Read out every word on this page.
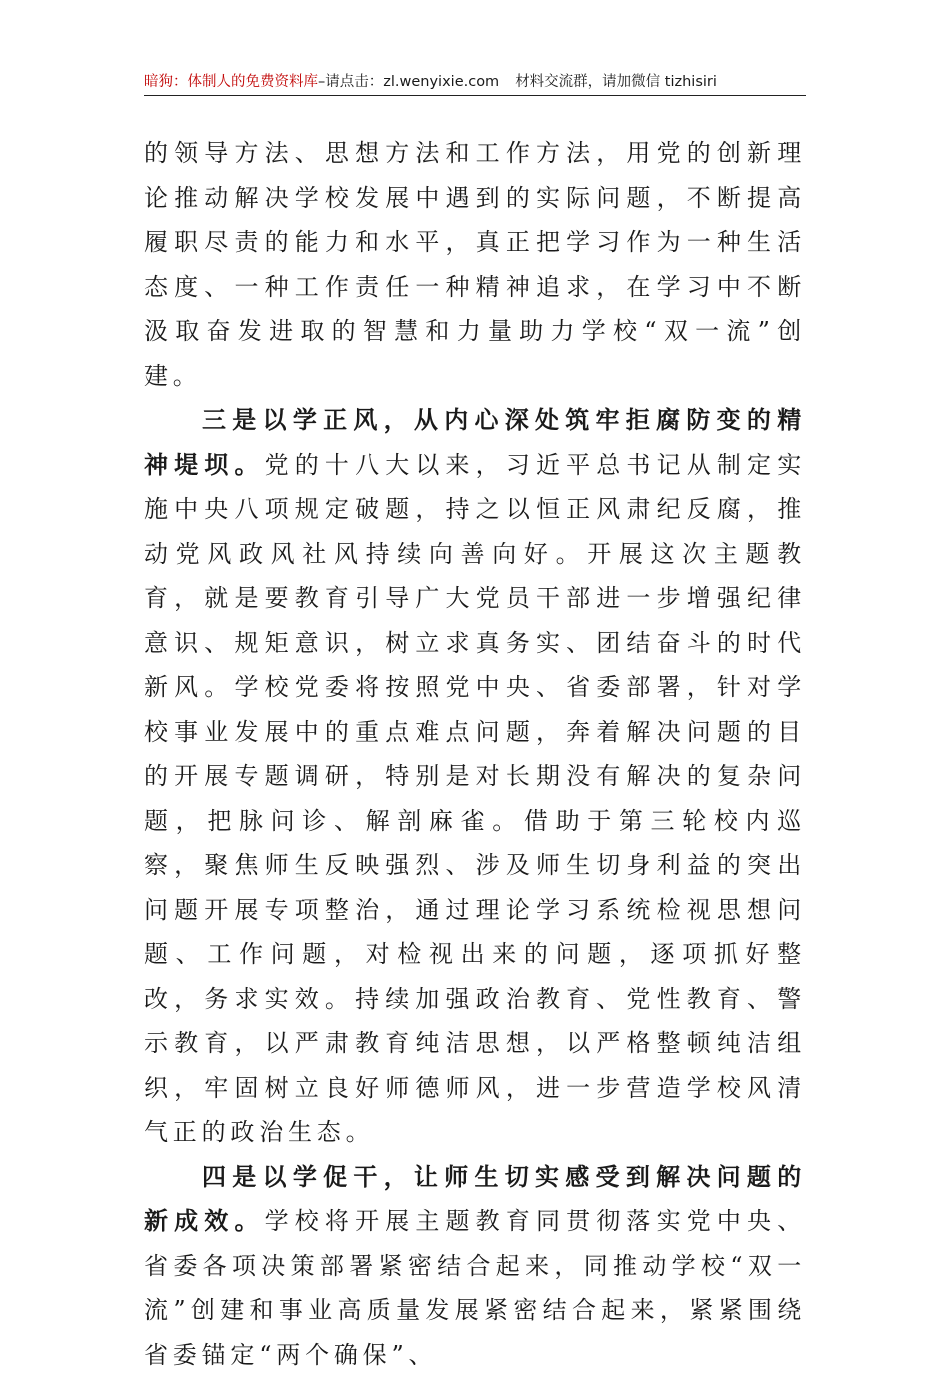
暗狗：体制人的免费资料库–请点击：zl.wenyixie.com 材料交流群，请加微信 tizhisiri

的领导方法、思想方法和工作方法，用党的创新理论推动解决学校发展中遇到的实际问题，不断提高履职尽责的能力和水平，真正把学习作为一种生活态度、一种工作责任一种精神追求，在学习中不断汲取奋发进取的智慧和力量助力学校“双一流”创建。

三是以学正风，从内心深处筑牢拒腐防变的精神堤坝。党的十八大以来，习近平总书记从制定实施中央八项规定破题，持之以恒正风肃纪反腐，推动党风政风社风持续向善向好。开展这次主题教育，就是要教育引导广大党员干部进一步增强纪律意识、规矩意识，树立求真务实、团结奋斗的时代新风。学校党委将按照党中央、省委部署，针对学校事业发展中的重点难点问题，奔着解决问题的目的开展专题调研，特别是对长期没有解决的复杂问题，把脉问诊、解剖麻雀。借助于第三轮校内巡察，聚焦师生反映强烈、涉及师生切身利益的突出问题开展专项整治，通过理论学习系统检视思想问题、工作问题，对检视出来的问题，逐项抓好整改，务求实效。持续加强政治教育、党性教育、警示教育，以严肃教育纯洁思想，以严格整顿纯洁组织，牢固树立良好师德师风，进一步营造学校风清气正的政治生态。

四是以学促干，让师生切实感受到解决问题的新成效。学校将开展主题教育同贯彻落实党中央、省委各项决策部署紧密结合起来，同推动学校“双一流”创建和事业高质量发展紧密结合起来，紧紧围绕省委锚定“两个确保”、
